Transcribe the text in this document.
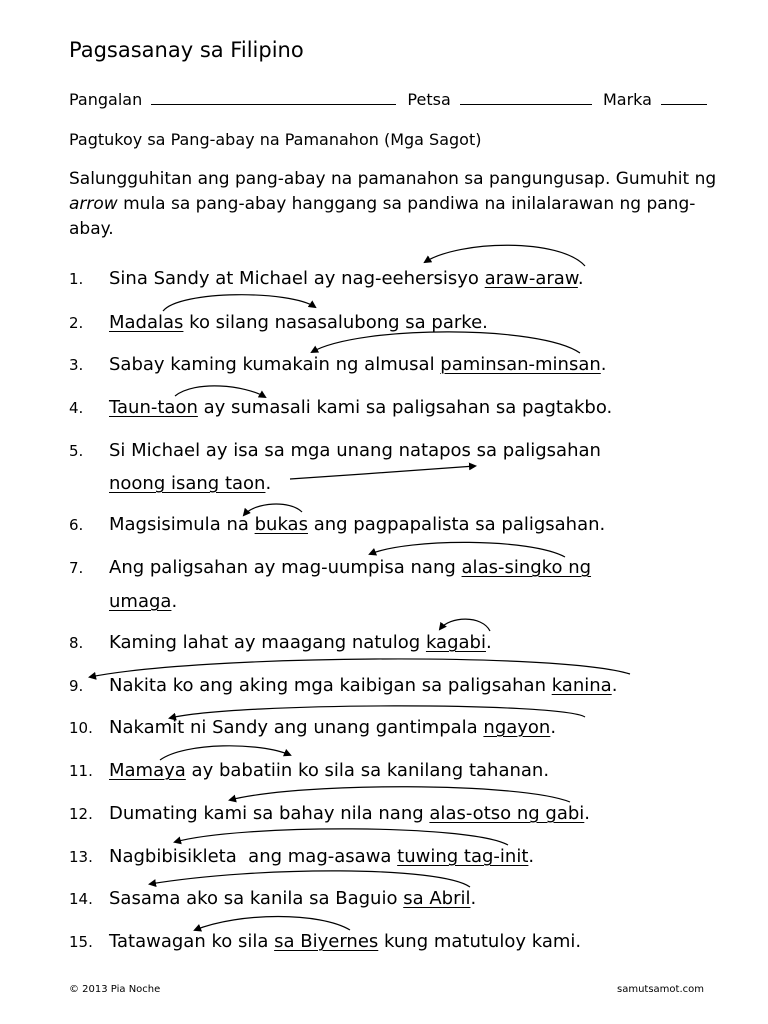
Pagsasanay sa Filipino
Pangalan	Petsa	Marka
Pagtukoy sa Pang-abay na Pamanahon (Mga Sagot)
Salungguhitan ang pang-abay na pamanahon sa pangungusap. Gumuhit ng arrow mula sa pang-abay hanggang sa pandiwa na inilalarawan ng pang-abay.
1. Sina Sandy at Michael ay nag-eehersisyo araw-araw.
2. Madalas ko silang nasasalubong sa parke.
3. Sabay kaming kumakain ng almusal paminsan-minsan.
4. Taun-taon ay sumasali kami sa paligsahan sa pagtakbo.
5. Si Michael ay isa sa mga unang natapos sa paligsahan
noong isang taon.
6. Magsisimula na bukas ang pagpapalista sa paligsahan.
7. Ang paligsahan ay mag-uumpisa nang alas-singko ng
umaga.
8. Kaming lahat ay maagang natulog kagabi.
9. Nakita ko ang aking mga kaibigan sa paligsahan kanina.
10. Nakamit ni Sandy ang unang gantimpala ngayon.
11. Mamaya ay babatiin ko sila sa kanilang tahanan.
12. Dumating kami sa bahay nila nang alas-otso ng gabi.
13. Nagbibisikleta  ang mag-asawa tuwing tag-init.
14. Sasama ako sa kanila sa Baguio sa Abril.
15. Tatawagan ko sila sa Biyernes kung matutuloy kami.
© 2013 Pia Noche	samutsamot.com
